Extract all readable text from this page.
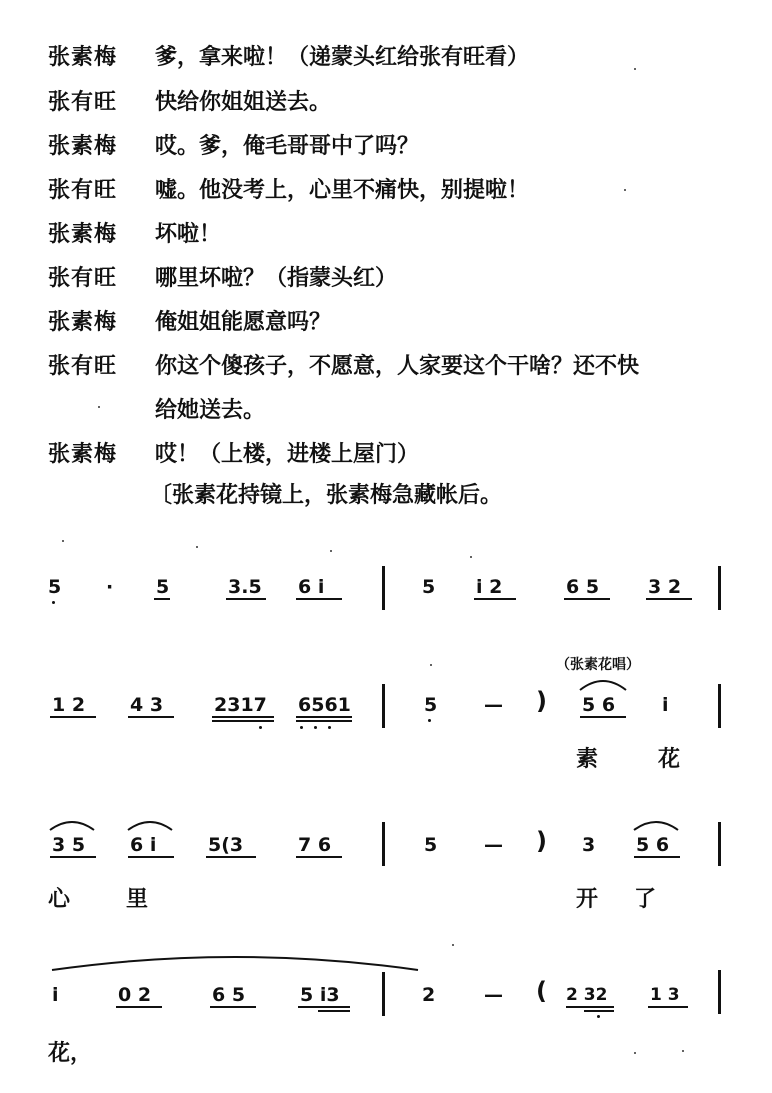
张素梅 爹，拿来啦！（递蒙头红给张有旺看）
张有旺 快给你姐姐送去。
张素梅 哎。爹，俺毛哥哥中了吗？
张有旺 嘘。他没考上，心里不痛快，别提啦！
张素梅 坏啦！
张有旺 哪里坏啦？（指蒙头红）
张素梅 俺姐姐能愿意吗？
张有旺 你这个傻孩子，不愿意，人家要这个干啥？还不快
给她送去。
张素梅 哎！（上楼，进楼上屋门）
〔张素花持镜上，张素梅急藏帐后。
5 · 5	3.5 6 i	5 i 2	6 5	3 2
1 2 4 3	2317 6561	5 — )
（张素花唱）
5 6 i
素	花
3 5 6 i	5(3	7 6	5 — ) 3 5 6
心	里	开 了
i	0 2	6 5	5 i3	2	— ( 2 32	1 3
花，
